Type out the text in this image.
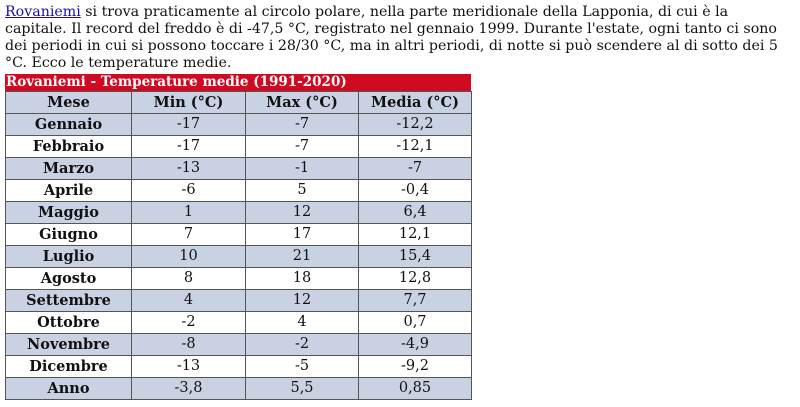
Rovaniemi si trova praticamente al circolo polare, nella parte meridionale della Lapponia, di cui è la capitale. Il record del freddo è di -47,5 °C, registrato nel gennaio 1999. Durante l'estate, ogni tanto ci sono dei periodi in cui si possono toccare i 28/30 °C, ma in altri periodi, di notte si può scendere al di sotto dei 5 °C. Ecco le temperature medie.
Rovaniemi - Temperature medie (1991-2020)
Mese	Min (°C)	Max (°C)	Media (°C)
Gennaio	-17	-7	-12,2
Febbraio	-17	-7	-12,1
Marzo	-13	-1	-7
Aprile	-6	5	-0,4
Maggio	1	12	6,4
Giugno	7	17	12,1
Luglio	10	21	15,4
Agosto	8	18	12,8
Settembre	4	12	7,7
Ottobre	-2	4	0,7
Novembre	-8	-2	-4,9
Dicembre	-13	-5	-9,2
Anno	-3,8	5,5	0,85
